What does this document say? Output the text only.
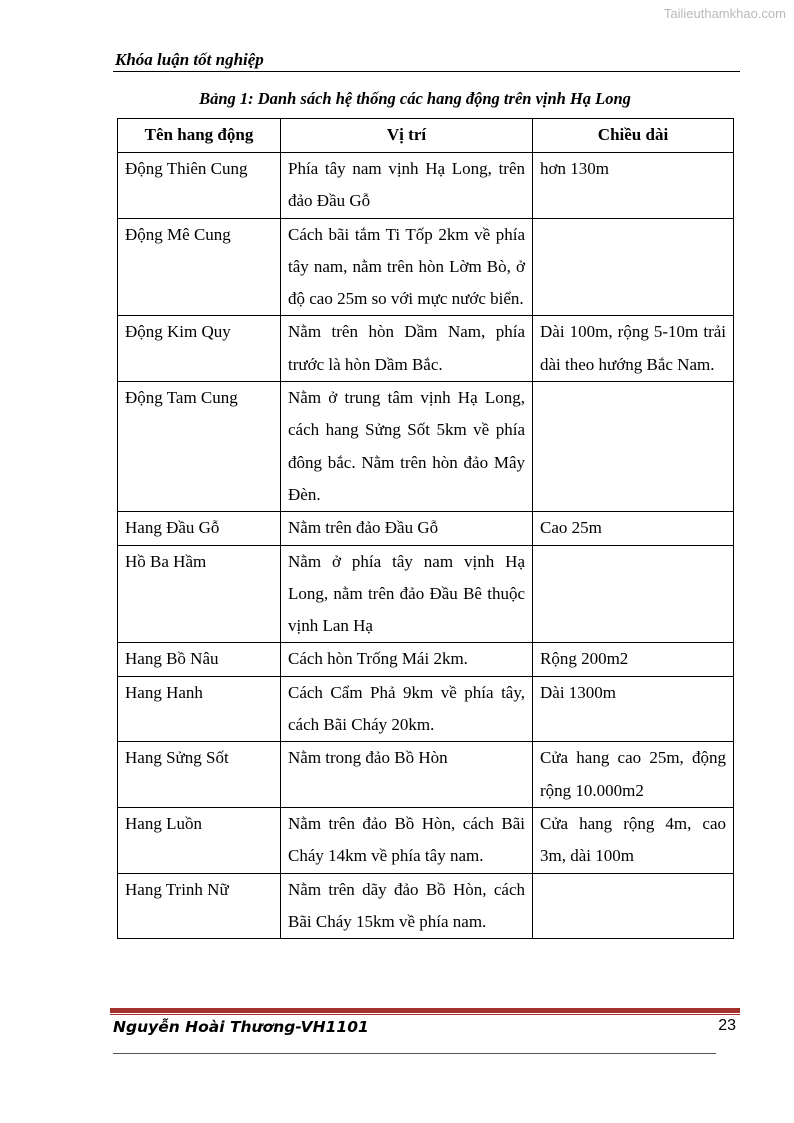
Tailieuthamkhao.com
Khóa luận tốt nghiệp
Bảng 1: Danh sách hệ thống các hang động trên vịnh Hạ Long
Tên hang động	Vị trí	Chiều dài
Động Thiên Cung	Phía tây nam vịnh Hạ Long, trên đảo Đầu Gỗ	hơn 130m
Động Mê Cung	Cách bãi tắm Ti Tốp 2km về phía tây nam, nằm trên hòn Lờm Bò, ở độ cao 25m so với mực nước biển.	
Động Kim Quy	Nằm trên hòn Dầm Nam, phía trước là hòn Dầm Bắc.	Dài 100m, rộng 5-10m trải dài theo hướng Bắc Nam.
Động Tam Cung	Nằm ở trung tâm vịnh Hạ Long, cách hang Sửng Sốt 5km về phía đông bắc. Nằm trên hòn đảo Mây Đèn.	
Hang Đầu Gỗ	Nằm trên đảo Đầu Gỗ	Cao 25m
Hồ Ba Hầm	Nằm ở phía tây nam vịnh Hạ Long, nằm trên đảo Đầu Bê thuộc vịnh Lan Hạ	
Hang Bồ Nâu	Cách hòn Trống Mái 2km.	Rộng 200m2
Hang Hanh	Cách Cẩm Phả 9km về phía tây, cách Bãi Cháy 20km.	Dài 1300m
Hang Sửng Sốt	Nằm trong đảo Bồ Hòn	Cửa hang cao 25m, động rộng 10.000m2
Hang Luồn	Nằm trên đảo Bồ Hòn, cách Bãi Cháy 14km về phía tây nam.	Cửa hang rộng 4m, cao 3m, dài 100m
Hang Trinh Nữ	Nằm trên dãy đảo Bồ Hòn, cách Bãi Cháy 15km về phía nam.	
Nguyễn Hoài Thương-VH1101	23
